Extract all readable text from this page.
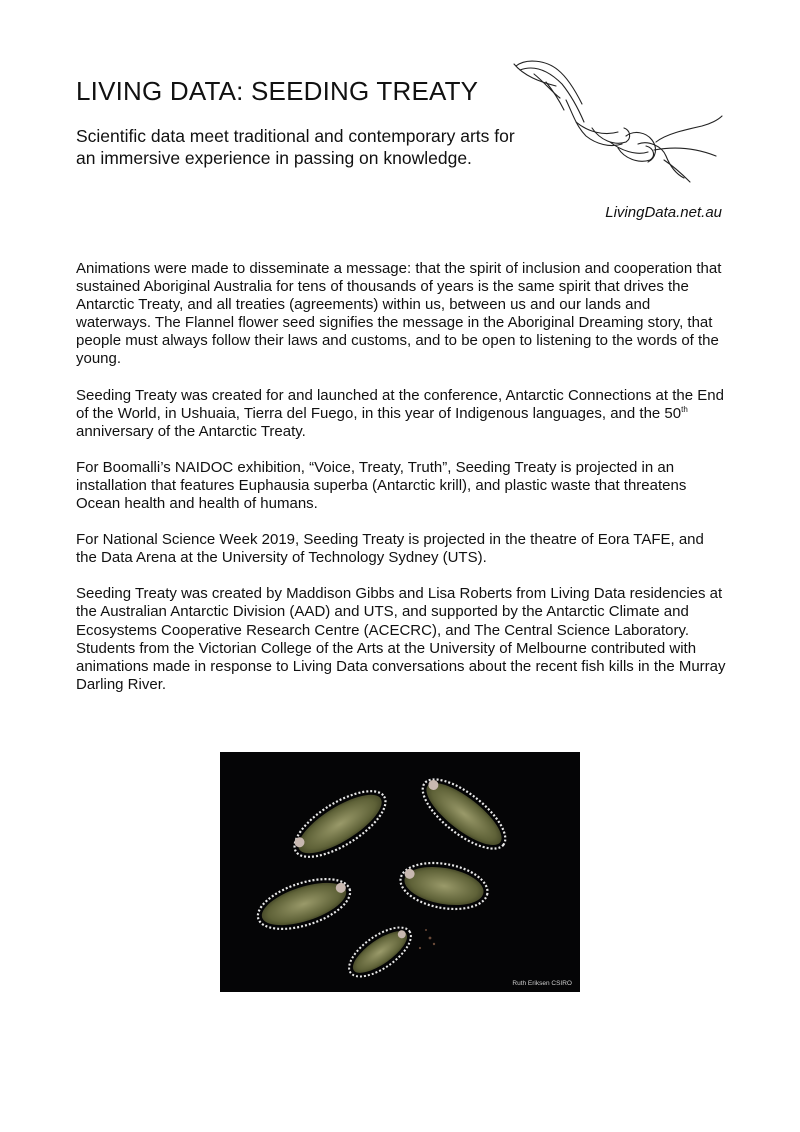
LIVING DATA: SEEDING TREATY

Scientific data meet traditional and contemporary arts for an immersive experience in passing on knowledge.

LivingData.net.au

Animations were made to disseminate a message: that the spirit of inclusion and cooperation that sustained Aboriginal Australia for tens of thousands of years is the same spirit that drives the Antarctic Treaty, and all treaties (agreements) within us, between us and our lands and waterways. The Flannel flower seed signifies the message in the Aboriginal Dreaming story, that people must always follow their laws and customs, and to be open to listening to the words of the young.

Seeding Treaty was created for and launched at the conference, Antarctic Connections at the End of the World, in Ushuaia, Tierra del Fuego, in this year of Indigenous languages, and the 50th anniversary of the Antarctic Treaty.

For Boomalli’s NAIDOC exhibition, “Voice, Treaty, Truth”, Seeding Treaty is projected in an installation that features Euphausia superba (Antarctic krill), and plastic waste that threatens Ocean health and health of humans.

For National Science Week 2019, Seeding Treaty is projected in the theatre of Eora TAFE, and the Data Arena at the University of Technology Sydney (UTS).

Seeding Treaty was created by Maddison Gibbs and Lisa Roberts from Living Data residencies at the Australian Antarctic Division (AAD) and UTS, and supported by the Antarctic Climate and Ecosystems Cooperative Research Centre (ACECRC), and The Central Science Laboratory. Students from the Victorian College of the Arts at the University of Melbourne contributed with animations made in response to Living Data conversations about the recent fish kills in the Murray Darling River.

Ruth Eriksen CSIRO
